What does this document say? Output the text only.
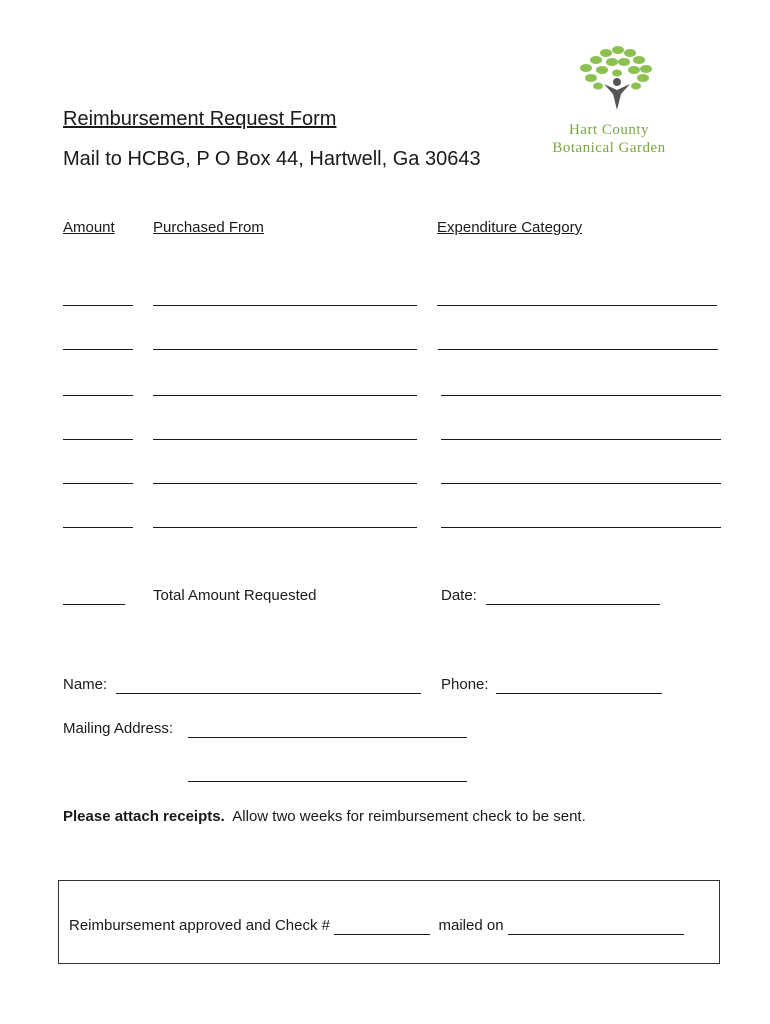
Reimbursement Request Form
Mail to HCBG, P O Box 44, Hartwell, Ga 30643
Hart County
Botanical Garden
Amount	Purchased From	Expenditure Category
Total Amount Requested	Date:
Name:	Phone:
Mailing Address:
Please attach receipts. Allow two weeks for reimbursement check to be sent.
Reimbursement approved and Check #	mailed on
